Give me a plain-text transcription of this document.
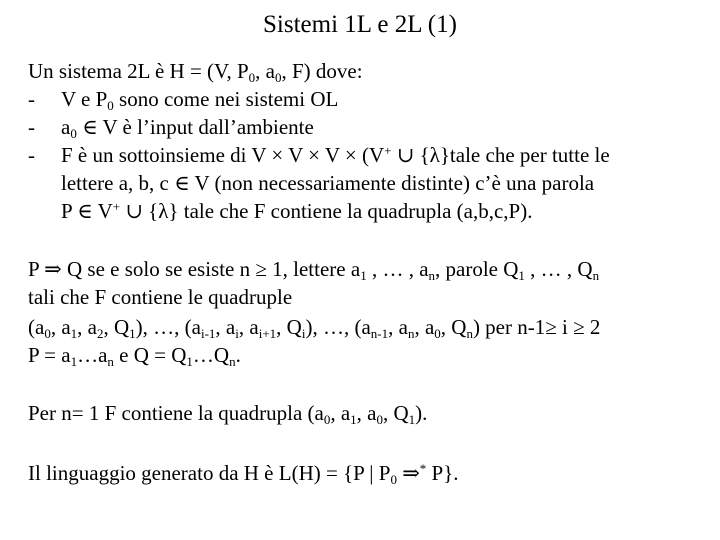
Sistemi 1L e 2L (1)
Un sistema 2L è H = (V, $P_0$, $a_0$, F) dove:
- V e $P_0$ sono come nei sistemi OL
- $a_0$ ∈ V è l’input dall’ambiente
- F è un sottoinsieme di V × V × V × (V+ ∪ {λ}tale che per tutte le
lettere a, b, c ∈ V (non necessariamente distinte) c’è una parola
P ∈ V+ ∪ {λ} tale che F contiene la quadrupla (a,b,c,P).
P ⇒ Q se e solo se esiste n ≥ 1, lettere $a_1$ , … , $a_n$, parole $Q_1$ , … , $Q_n$
tali che F contiene le quadruple
($a_0$, $a_1$, $a_2$, $Q_1$), …, ($a_{i-1}$, $a_i$, $a_{i+1}$, $Q_i$), …, ($a_{n-1}$, $a_n$, $a_0$, $Q_n$) per n-1≥ i ≥ 2
$P = a_1\dots a_n$ e $Q = Q_1\dots Q_n$.
Per n= 1 F contiene la quadrupla ($a_0$, $a_1$, $a_0$, $Q_1$).
Il linguaggio generato da H è L(H) = {P | $P_0$ ⇒* P}.
